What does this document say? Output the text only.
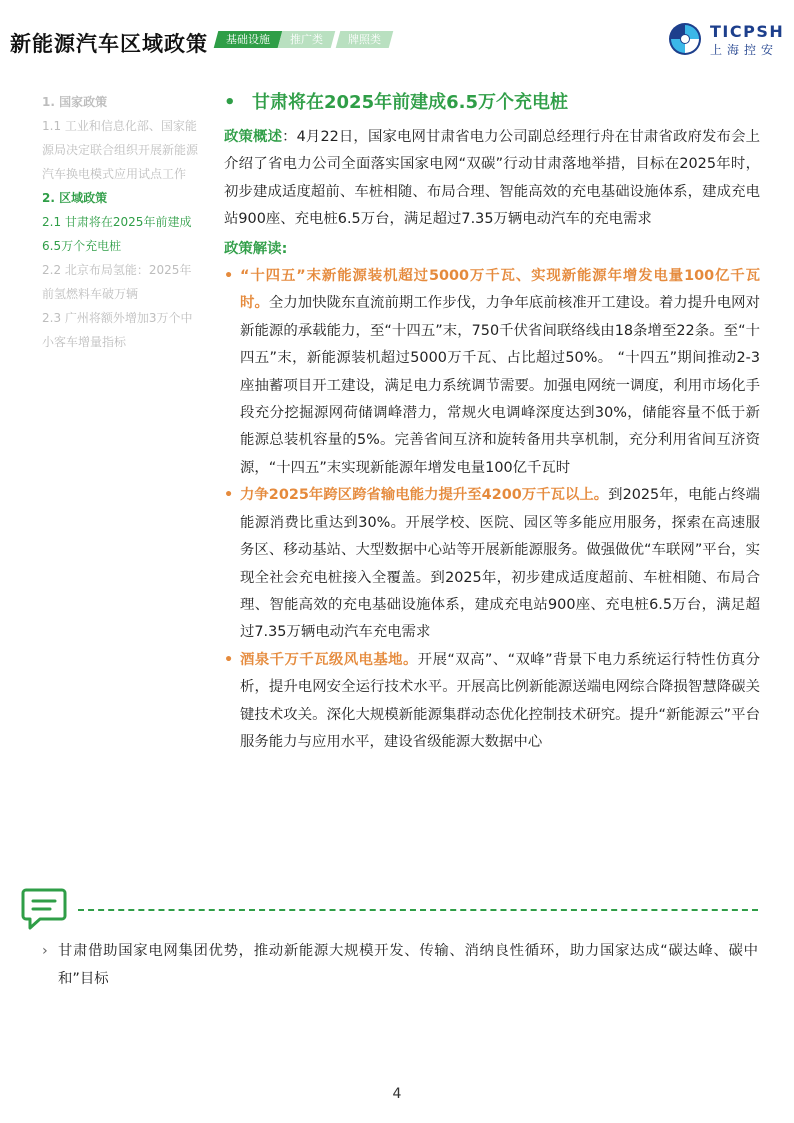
新能源汽车区域政策	基础设施	推广类	牌照类	TICPSH
上海控安
1. 国家政策
1.1 工业和信息化部、国家能源局决定联合组织开展新能源汽车换电模式应用试点工作
2. 区域政策
2.1 甘肃将在2025年前建成6.5万个充电桩
2.2 北京布局氢能：2025年前氢燃料车破万辆
2.3 广州将额外增加3万个中小客车增量指标
• 甘肃将在2025年前建成6.5万个充电桩

政策概述：4月22日，国家电网甘肃省电力公司副总经理行舟在甘肃省政府发布会上介绍了省电力公司全面落实国家电网“双碳”行动甘肃落地举措，目标在2025年时，初步建成适度超前、车桩相随、布局合理、智能高效的充电基础设施体系，建成充电站900座、充电桩6.5万台，满足超过7.35万辆电动汽车的充电需求

政策解读:

• “十四五”末新能源装机超过5000万千瓦、实现新能源年增发电量100亿千瓦时。全力加快陇东直流前期工作步伐，力争年底前核准开工建设。着力提升电网对新能源的承载能力，至“十四五”末，750千伏省间联络线由18条增至22条。至“十四五”末，新能源装机超过5000万千瓦、占比超过50%。 “十四五”期间推动2-3座抽蓄项目开工建设，满足电力系统调节需要。加强电网统一调度，利用市场化手段充分挖掘源网荷储调峰潜力，常规火电调峰深度达到30%，储能容量不低于新能源总装机容量的5%。完善省间互济和旋转备用共享机制，充分利用省间互济资源，“十四五”末实现新能源年增发电量100亿千瓦时

• 力争2025年跨区跨省输电能力提升至4200万千瓦以上。到2025年，电能占终端能源消费比重达到30%。开展学校、医院、园区等多能应用服务，探索在高速服务区、移动基站、大型数据中心站等开展新能源服务。做强做优“车联网”平台，实现全社会充电桩接入全覆盖。到2025年，初步建成适度超前、车桩相随、布局合理、智能高效的充电基础设施体系，建成充电站900座、充电桩6.5万台，满足超过7.35万辆电动汽车充电需求

• 酒泉千万千瓦级风电基地。开展“双高”、“双峰”背景下电力系统运行特性仿真分析，提升电网安全运行技术水平。开展高比例新能源送端电网综合降损智慧降碳关键技术攻关。深化大规模新能源集群动态优化控制技术研究。提升“新能源云”平台服务能力与应用水平，建设省级能源大数据中心

› 甘肃借助国家电网集团优势，推动新能源大规模开发、传输、消纳良性循环，助力国家达成“碳达峰、碳中和”目标
4
